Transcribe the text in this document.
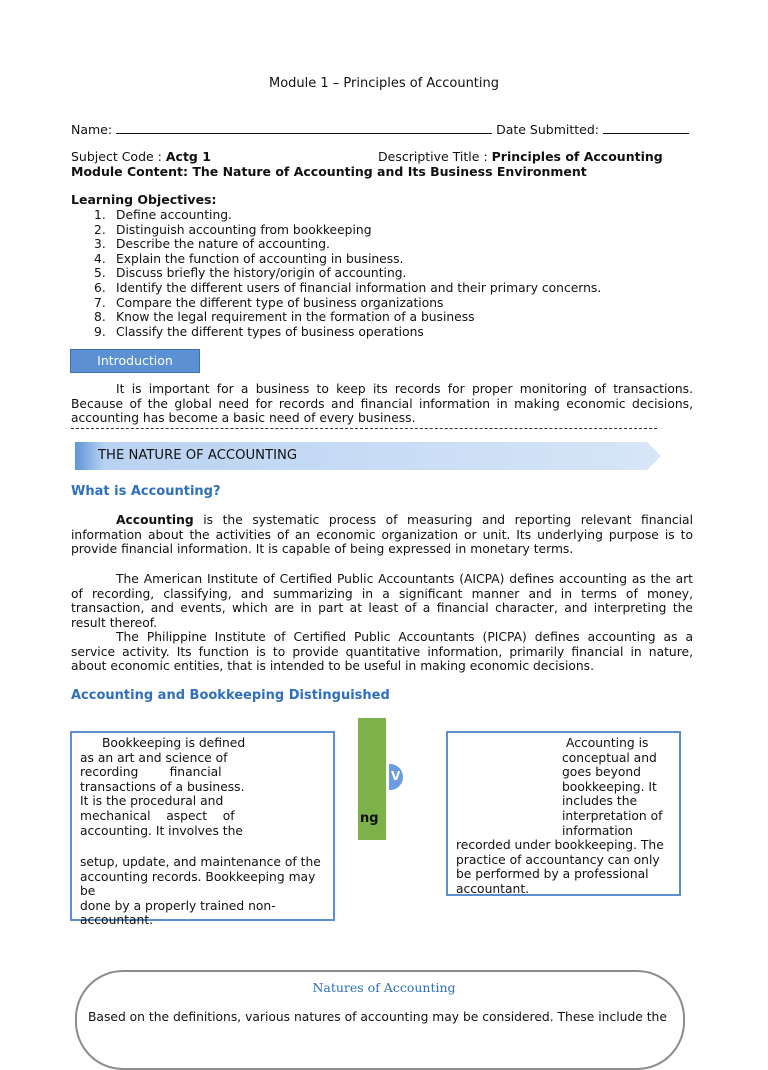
Module 1 – Principles of Accounting
Name:	Date Submitted:
Subject Code : Actg 1	Descriptive Title : Principles of Accounting
Module Content: The Nature of Accounting and Its Business Environment
Learning Objectives:
1. Define accounting.
2. Distinguish accounting from bookkeeping
3. Describe the nature of accounting.
4. Explain the function of accounting in business.
5. Discuss briefly the history/origin of accounting.
6. Identify the different users of financial information and their primary concerns.
7. Compare the different type of business organizations
8. Know the legal requirement in the formation of a business
9. Classify the different types of business operations
Introduction

It is important for a business to keep its records for proper monitoring of transactions. Because of the global need for records and financial information in making economic decisions, accounting has become a basic need of every business.

THE NATURE OF ACCOUNTING
What is Accounting?

Accounting is the systematic process of measuring and reporting relevant financial information about the activities of an economic organization or unit. Its underlying purpose is to provide financial information. It is capable of being expressed in monetary terms.

The American Institute of Certified Public Accountants (AICPA) defines accounting as the art of recording, classifying, and summarizing in a significant manner and in terms of money, transaction, and events, which are in part at least of a financial character, and interpreting the result thereof.

The Philippine Institute of Certified Public Accountants (PICPA) defines accounting as a service activity. Its function is to provide quantitative information, primarily financial in nature, about economic entities, that is intended to be useful in making economic decisions.

Accounting and Bookkeeping Distinguished
V
ng
Bookkeeping is defined
as an art and science of
recording        financial
transactions of a business.
It is the procedural and
mechanical    aspect    of
accounting. It involves the
setup, update, and maintenance of the
accounting records. Bookkeeping may be
done by a properly trained non-
accountant.
Accounting is
conceptual and
goes beyond
bookkeeping. It
includes the
interpretation of
information
recorded under bookkeeping. The
practice of accountancy can only
be performed by a professional
accountant.
Natures of Accounting
Based on the definitions, various natures of accounting may be considered. These include the
